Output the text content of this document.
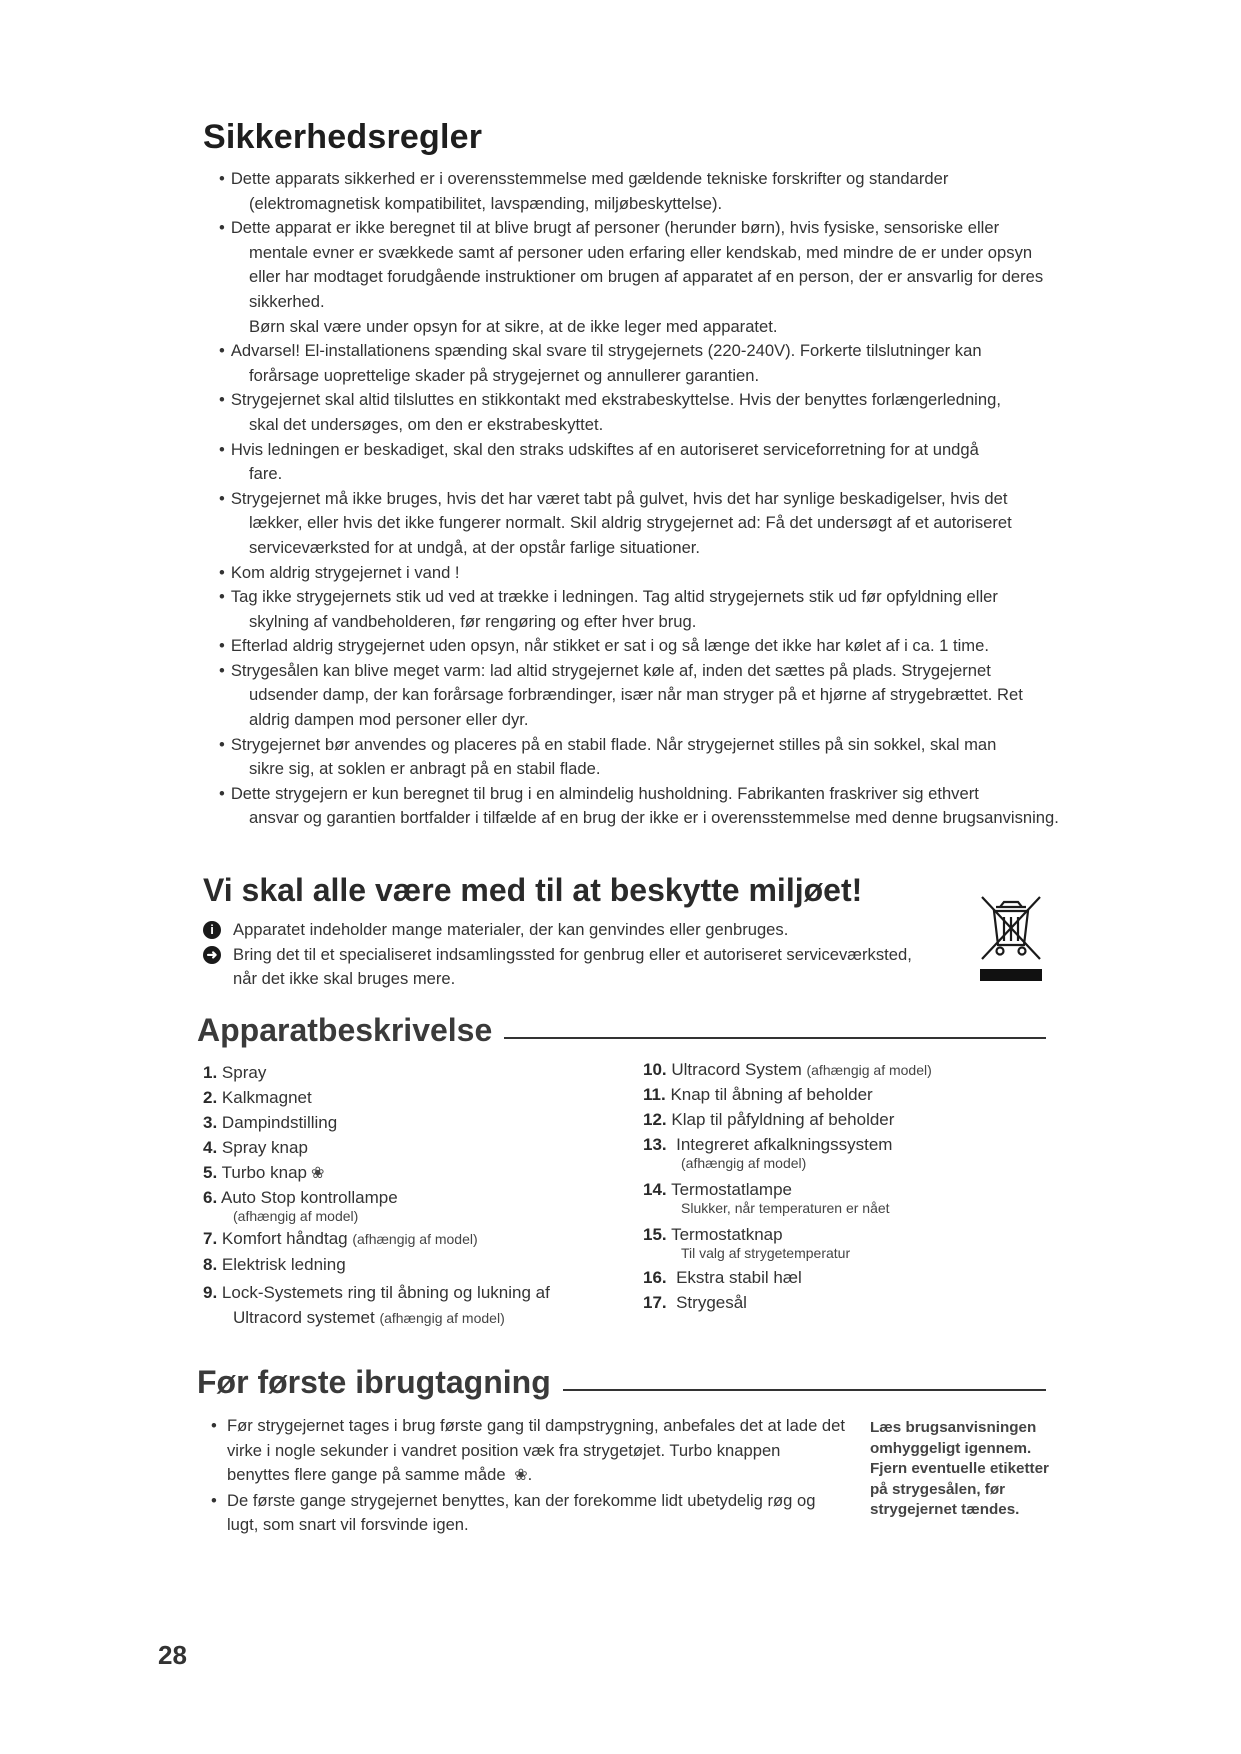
Sikkerhedsregler
• Dette apparats sikkerhed er i overensstemmelse med gældende tekniske forskrifter og standarder
(elektromagnetisk kompatibilitet, lavspænding, miljøbeskyttelse).
• Dette apparat er ikke beregnet til at blive brugt af personer (herunder børn), hvis fysiske, sensoriske eller
mentale evner er svækkede samt af personer uden erfaring eller kendskab, med mindre de er under opsyn eller har modtaget forudgående instruktioner om brugen af apparatet af en person, der er ansvarlig for deres sikkerhed.
Børn skal være under opsyn for at sikre, at de ikke leger med apparatet.
• Advarsel! El-installationens spænding skal svare til strygejernets (220-240V). Forkerte tilslutninger kan
forårsage uoprettelige skader på strygejernet og annullerer garantien.
• Strygejernet skal altid tilsluttes en stikkontakt med ekstrabeskyttelse. Hvis der benyttes forlængerledning,
skal det undersøges, om den er ekstrabeskyttet.
• Hvis ledningen er beskadiget, skal den straks udskiftes af en autoriseret serviceforretning for at undgå
fare.
• Strygejernet må ikke bruges, hvis det har været tabt på gulvet, hvis det har synlige beskadigelser, hvis det
lækker, eller hvis det ikke fungerer normalt. Skil aldrig strygejernet ad: Få det undersøgt af et autoriseret serviceværksted for at undgå, at der opstår farlige situationer.
• Kom aldrig strygejernet i vand !
• Tag ikke strygejernets stik ud ved at trække i ledningen. Tag altid strygejernets stik ud før opfyldning eller
skylning af vandbeholderen, før rengøring og efter hver brug.
• Efterlad aldrig strygejernet uden opsyn, når stikket er sat i og så længe det ikke har kølet af i ca. 1 time.
• Strygesålen kan blive meget varm: lad altid strygejernet køle af, inden det sættes på plads. Strygejernet
udsender damp, der kan forårsage forbrændinger, især når man stryger på et hjørne af strygebrættet. Ret aldrig dampen mod personer eller dyr.
• Strygejernet bør anvendes og placeres på en stabil flade. Når strygejernet stilles på sin sokkel, skal man
sikre sig, at soklen er anbragt på en stabil flade.
• Dette strygejern er kun beregnet til brug i en almindelig husholdning. Fabrikanten fraskriver sig ethvert
ansvar og garantien bortfalder i tilfælde af en brug der ikke er i overensstemmelse med denne brugsanvisning.
Vi skal alle være med til at beskytte miljøet!
i	Apparatet indeholder mange materialer, der kan genvindes eller genbruges.
➜ Bring det til et specialiseret indsamlingssted for genbrug eller et autoriseret serviceværksted,
når det ikke skal bruges mere.
Apparatbeskrivelse
1. Spray
2. Kalkmagnet
3. Dampindstilling
4. Spray knap
5. Turbo knap ❀
6. Auto Stop kontrollampe
(afhængig af model)
7. Komfort håndtag (afhængig af model)
8. Elektrisk ledning
9. Lock-Systemets ring til åbning og lukning af
Ultracord systemet (afhængig af model)
10. Ultracord System (afhængig af model)
11. Knap til åbning af beholder
12. Klap til påfyldning af beholder
13. Integreret afkalkningssystem
(afhængig af model)
14. Termostatlampe
Slukker, når temperaturen er nået
15. Termostatknap
Til valg af strygetemperatur
16. Ekstra stabil hæl
17. Strygesål
Før første ibrugtagning
• Før strygejernet tages i brug første gang til dampstrygning, anbefales det at lade det virke i nogle sekunder i vandret position væk fra strygetøjet. Turbo knappen benyttes flere gange på samme måde ❀.
• De første gange strygejernet benyttes, kan der forekomme lidt ubetydelig røg og lugt, som snart vil forsvinde igen.
Læs brugsanvisningen omhyggeligt igennem. Fjern eventuelle etiketter på strygesålen, før strygejernet tændes.
28
